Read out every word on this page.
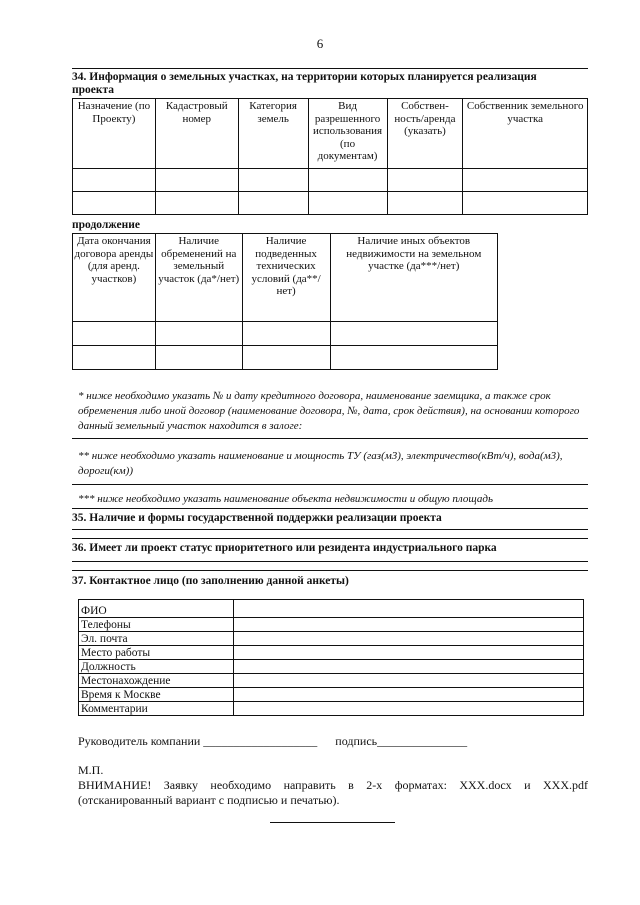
6
34. Информация о земельных участках, на территории которых планируется реализация проекта
Назначение (по Проекту)	Кадастровый номер	Категория земель	Вид разрешенного использования (по документам)	Собствен-ность/аренда (указать)	Собственник земельного участка

продолжение
Дата окончания договора аренды (для аренд. участков)	Наличие обременений на земельный участок (да*/нет)	Наличие подведенных технических условий (да**/нет)	Наличие иных объектов недвижимости на земельном участке (да***/нет)

* ниже необходимо указать № и дату кредитного договора, наименование заемщика, а также срок обременения либо иной договор (наименование договора, №, дата, срок действия), на основании которого данный земельный участок находится в залоге:
** ниже необходимо указать наименование и мощность ТУ (газ(м3), электричество(кВт/ч), вода(м3), дороги(км))
*** ниже необходимо указать наименование объекта недвижимости и общую площадь
35. Наличие и формы государственной поддержки реализации проекта
36. Имеет ли проект статус приоритетного или резидента индустриального парка
37. Контактное лицо (по заполнению данной анкеты)
ФИО	
Телефоны	
Эл. почта	
Место работы	
Должность	
Местонахождение	
Время к Москве	
Комментарии	
Руководитель компании ___________________ подпись_______________
М.П.
ВНИМАНИЕ! Заявку необходимо направить в 2-х форматах: XXX.docx и XXX.pdf (отсканированный вариант с подписью и печатью).
